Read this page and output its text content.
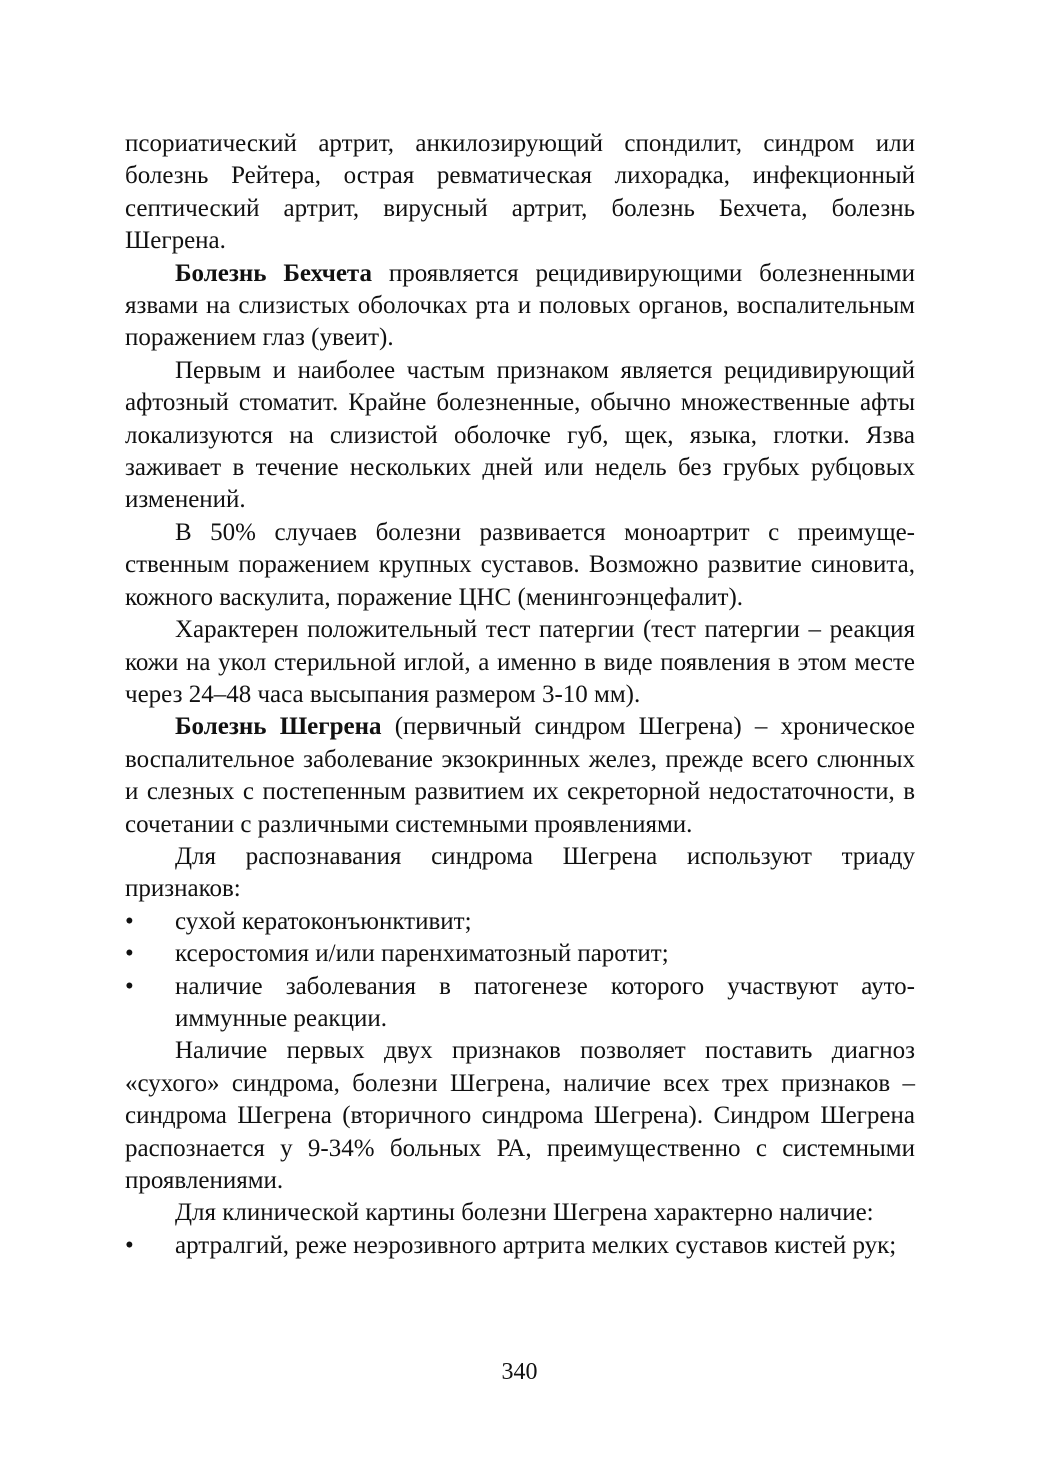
псориатический артрит, анкилозирующий спондилит, синдром или болезнь Рейтера, острая ревматическая лихорадка, инфекционный септический артрит, вирусный артрит, болезнь Бехчета, болезнь Шегрена.

Болезнь Бехчета проявляется рецидивирующими болезненными язвами на слизистых оболочках рта и половых органов, воспалительным поражением глаз (увеит).

Первым и наиболее частым признаком является рецидивирующий афтозный стоматит. Крайне болезненные, обычно множественные афты локализуются на слизистой оболочке губ, щек, языка, глотки. Язва заживает в течение нескольких дней или недель без грубых рубцовых изменений.

В 50% случаев болезни развивается моноартрит с преимущественным поражением крупных суставов. Возможно развитие синовита, кожного васкулита, поражение ЦНС (менингоэнцефалит).

Характерен положительный тест патергии (тест патергии – реакция кожи на укол стерильной иглой, а именно в виде появления в этом месте через 24–48 часа высыпания размером 3-10 мм).

Болезнь Шегрена (первичный синдром Шегрена) – хроническое воспалительное заболевание экзокринных желез, прежде всего слюнных и слезных с постепенным развитием их секреторной недостаточности, в сочетании с различными системными проявлениями.

Для распознавания синдрома Шегрена используют триаду признаков:

•	сухой кератоконъюнктивит;
•	ксеростомия и/или паренхиматозный паротит;
•	наличие заболевания в патогенезе которого участвуют аутоиммунные реакции.

Наличие первых двух признаков позволяет поставить диагноз «сухого» синдрома, болезни Шегрена, наличие всех трех признаков – синдрома Шегрена (вторичного синдрома Шегрена). Синдром Шегрена распознается у 9-34% больных РА, преимущественно с системными проявлениями.

Для клинической картины болезни Шегрена характерно наличие:

•	артралгий, реже неэрозивного артрита мелких суставов кистей рук;
340
